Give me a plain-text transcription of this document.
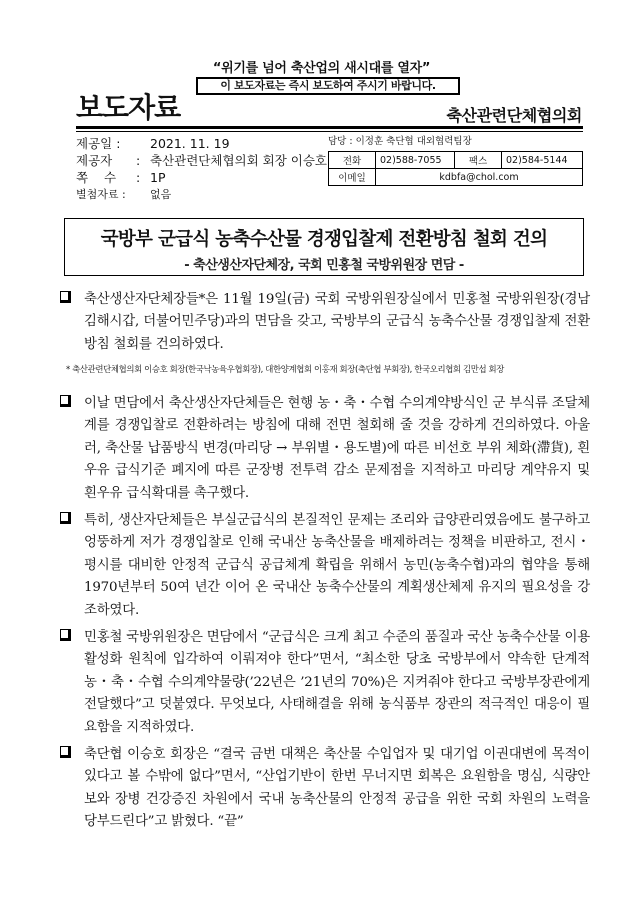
“위기를 넘어 축산업의 새시대를 열자”
이 보도자료는 즉시 보도하여 주시기 바랍니다.
보도자료	축산관련단체협의회
제공일 : 2021. 11. 19
제공자 : 축산관련단체협의회 회장 이승호
쪽    수 : 1P
별첨자료 : 없음
담당 : 이정훈 축단협 대외협력팀장
전화	02)588-7055	팩스	02)584-5144
이메일	kdbfa@chol.com		
국방부 군급식 농축수산물 경쟁입찰제 전환방침 철회 건의
- 축산생산자단체장, 국회 민홍철 국방위원장 면담 -
축산생산자단체장들*은 11월 19일(금) 국회 국방위원장실에서 민홍철 국방위원장(경남 김해시갑, 더불어민주당)과의 면담을 갖고, 국방부의 군급식 농축수산물 경쟁입찰제 전환방침 철회를 건의하였다.
* 축산관련단체협의회 이승호 회장(한국낙농육우협회장), 대한양계협회 이홍재 회장(축단협 부회장), 한국오리협회 김만섭 회장
이날 면담에서 축산생산자단체들은 현행 농・축・수협 수의계약방식인 군 부식류 조달체계를 경쟁입찰로 전환하려는 방침에 대해 전면 철회해 줄 것을 강하게 건의하였다. 아울러, 축산물 납품방식 변경(마리당 → 부위별・용도별)에 따른 비선호 부위 체화(滯貨), 흰우유 급식기준 폐지에 따른 군장병 전투력 감소 문제점을 지적하고 마리당 계약유지 및 흰우유 급식확대를 촉구했다.
특히, 생산자단체들은 부실군급식의 본질적인 문제는 조리와 급양관리였음에도 불구하고 엉뚱하게 저가 경쟁입찰로 인해 국내산 농축산물을 배제하려는 정책을 비판하고, 전시・평시를 대비한 안정적 군급식 공급체계 확립을 위해서 농민(농축수협)과의 협약을 통해 1970년부터 50여 년간 이어 온 국내산 농축수산물의 계획생산체제 유지의 필요성을 강조하였다.
민홍철 국방위원장은 면담에서 “군급식은 크게 최고 수준의 품질과 국산 농축수산물 이용활성화 원칙에 입각하여 이뤄져야 한다”면서, “최소한 당초 국방부에서 약속한 단계적 농・축・수협 수의계약물량(’22년은 ’21년의 70%)은 지켜줘야 한다고 국방부장관에게 전달했다”고 덧붙였다. 무엇보다, 사태해결을 위해 농식품부 장관의 적극적인 대응이 필요함을 지적하였다.
축단협 이승호 회장은 “결국 금번 대책은 축산물 수입업자 및 대기업 이권대변에 목적이 있다고 볼 수밖에 없다”면서, “산업기반이 한번 무너지면 회복은 요원함을 명심, 식량안보와 장병 건강증진 차원에서 국내 농축산물의 안정적 공급을 위한 국회 차원의 노력을 당부드린다”고 밝혔다. “끝”
